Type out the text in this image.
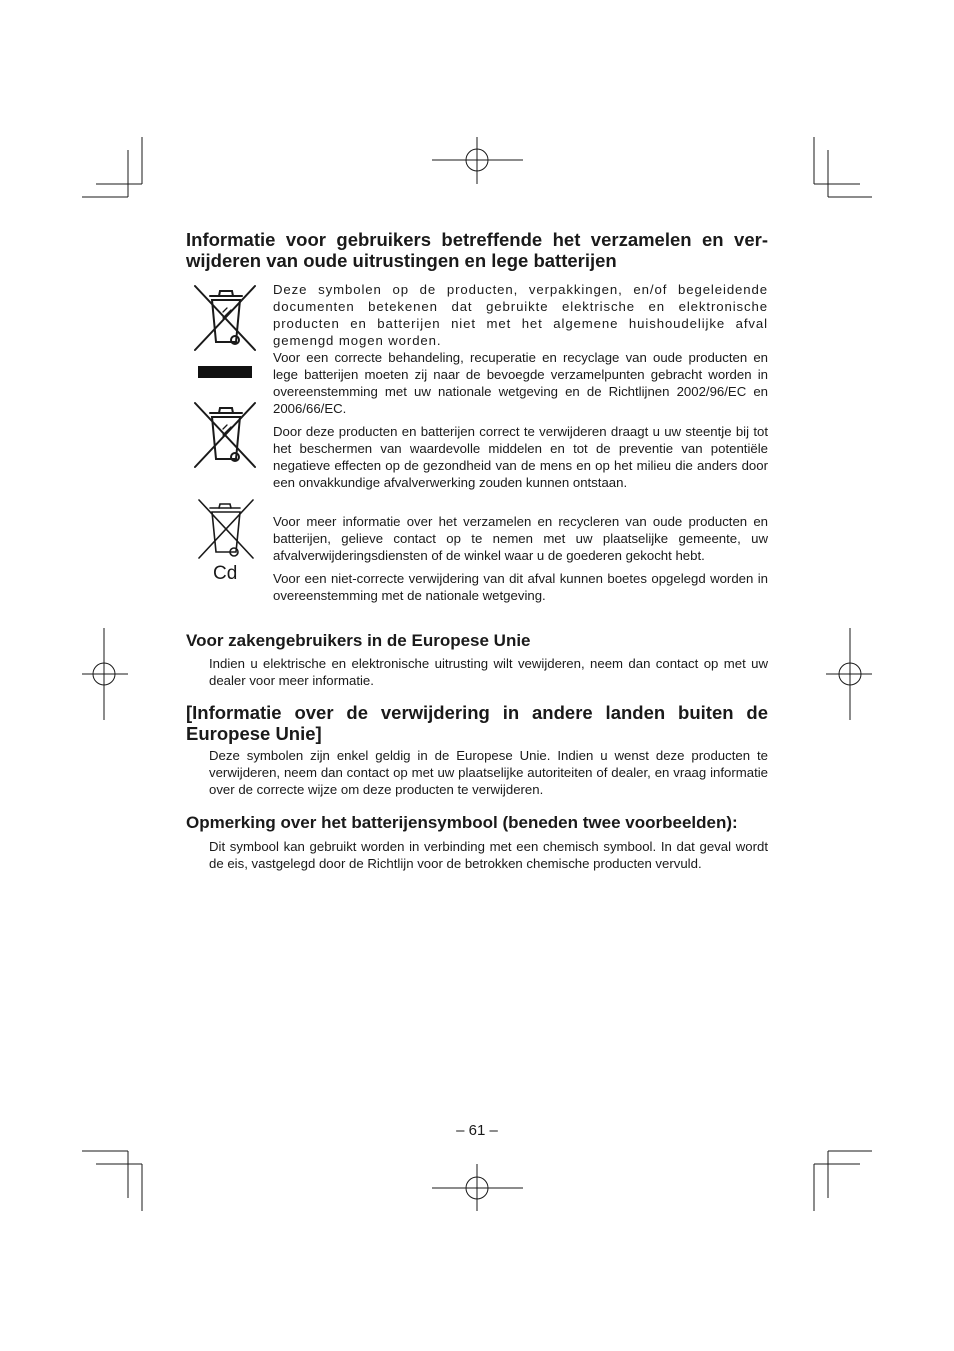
Informatie voor gebruikers betreffende het verzamelen en ver- wijderen van oude uitrustingen en lege batterijen
Cd

Deze symbolen op de producten, verpakkingen, en/of begeleidende documenten betekenen dat gebruikte elektrische en elektronische producten en batterijen niet met het algemene huishoudelijke afval gemengd mogen worden.

Voor een correcte behandeling, recuperatie en recyclage van oude producten en lege batterijen moeten zij naar de bevoegde verzamelpunten gebracht worden in overeenstemming met uw nationale wetgeving en de Richtlijnen 2002/96/EC en 2006/66/EC.

Door deze producten en batterijen correct te verwijderen draagt u uw steentje bij tot het beschermen van waardevolle middelen en tot de preventie van potentiële negatieve effecten op de gezondheid van de mens en op het milieu die anders door een onvakkundige afvalverwerking zouden kunnen ontstaan.

Voor meer informatie over het verzamelen en recycleren van oude producten en batterijen, gelieve contact op te nemen met uw plaatselijke gemeente, uw afvalverwijderingsdiensten of de winkel waar u de goederen gekocht hebt.

Voor een niet-correcte verwijdering van dit afval kunnen boetes opgelegd worden in overeenstemming met de nationale wetgeving.

Voor zakengebruikers in de Europese Unie

Indien u elektrische en elektronische uitrusting wilt vewijderen, neem dan contact op met uw dealer voor meer informatie.

[Informatie over de verwijdering in andere landen buiten de Europese Unie]

Deze symbolen zijn enkel geldig in de Europese Unie. Indien u wenst deze producten te verwijderen, neem dan contact op met uw plaatselijke autoriteiten of dealer, en vraag informatie over de correcte wijze om deze producten te verwijderen.

Opmerking over het batterijensymbool (beneden twee voorbeelden):

Dit symbool kan gebruikt worden in verbinding met een chemisch symbool. In dat geval wordt de eis, vastgelegd door de Richtlijn voor de betrokken chemische producten vervuld.

– 61 –
